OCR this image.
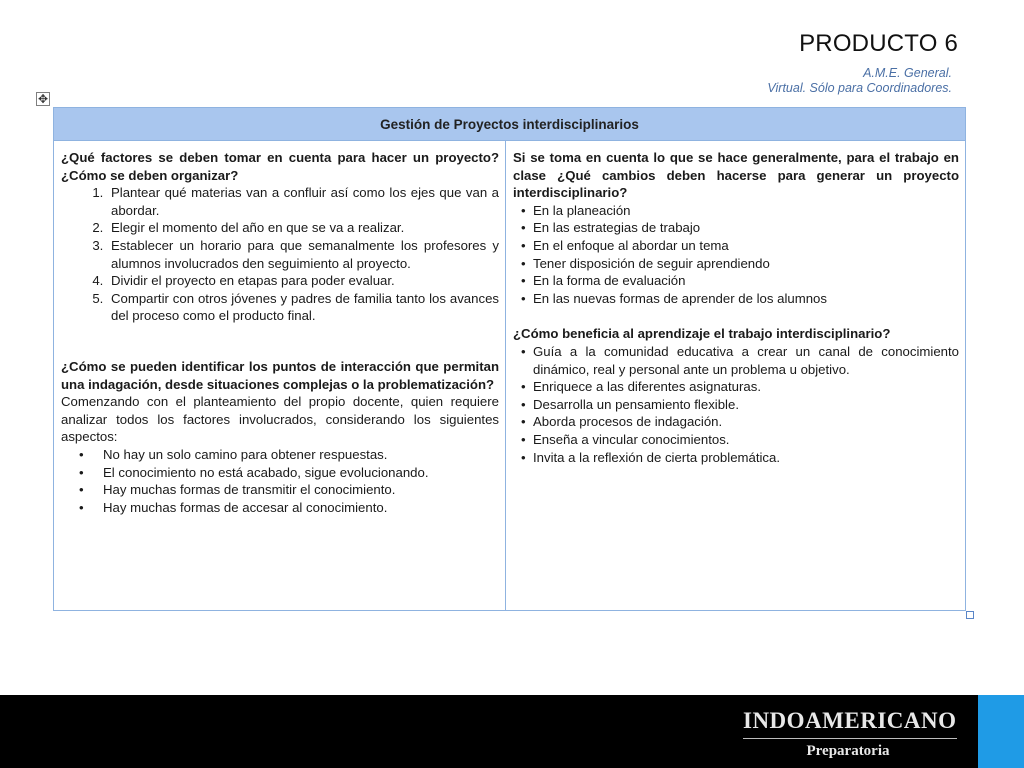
PRODUCTO 6
A.M.E. General.
Virtual. Sólo para Coordinadores.
✥
Gestión de Proyectos interdisciplinarios

¿Qué factores se deben tomar en cuenta para hacer un proyecto? ¿Cómo se deben organizar?

1. Plantear qué materias van a confluir así como los ejes que van a abordar.
2. Elegir el momento del año en que se va a realizar.
3. Establecer un horario para que semanalmente los profesores y alumnos involucrados den seguimiento al proyecto.
4. Dividir el proyecto en etapas para poder evaluar.
5. Compartir con otros jóvenes y padres de familia tanto los avances del proceso como el producto final.

¿Cómo se pueden identificar los puntos de interacción que permitan una indagación, desde situaciones complejas o la problematización?

Comenzando con el planteamiento del propio docente, quien requiere analizar todos los factores involucrados, considerando los siguientes aspectos:

• No hay un solo camino para obtener respuestas.
• El conocimiento no está acabado, sigue evolucionando.
• Hay muchas formas de transmitir el conocimiento.
• Hay muchas formas de accesar al conocimiento.

Si se toma en cuenta lo que se hace generalmente, para el trabajo en clase ¿Qué cambios deben hacerse para generar un proyecto interdisciplinario?

• En la planeación
• En las estrategias de trabajo
• En el enfoque al abordar un tema
• Tener disposición de seguir aprendiendo
• En la forma de evaluación
• En las nuevas formas de aprender de los alumnos

¿Cómo beneficia al aprendizaje el trabajo interdisciplinario?

• Guía a la comunidad educativa a crear un canal de conocimiento dinámico, real y personal ante un problema u objetivo.
• Enriquece a las diferentes asignaturas.
• Desarrolla un pensamiento flexible.
• Aborda procesos de indagación.
• Enseña a vincular conocimientos.
• Invita a la reflexión de cierta problemática.
INDOAMERICANO
Preparatoria
